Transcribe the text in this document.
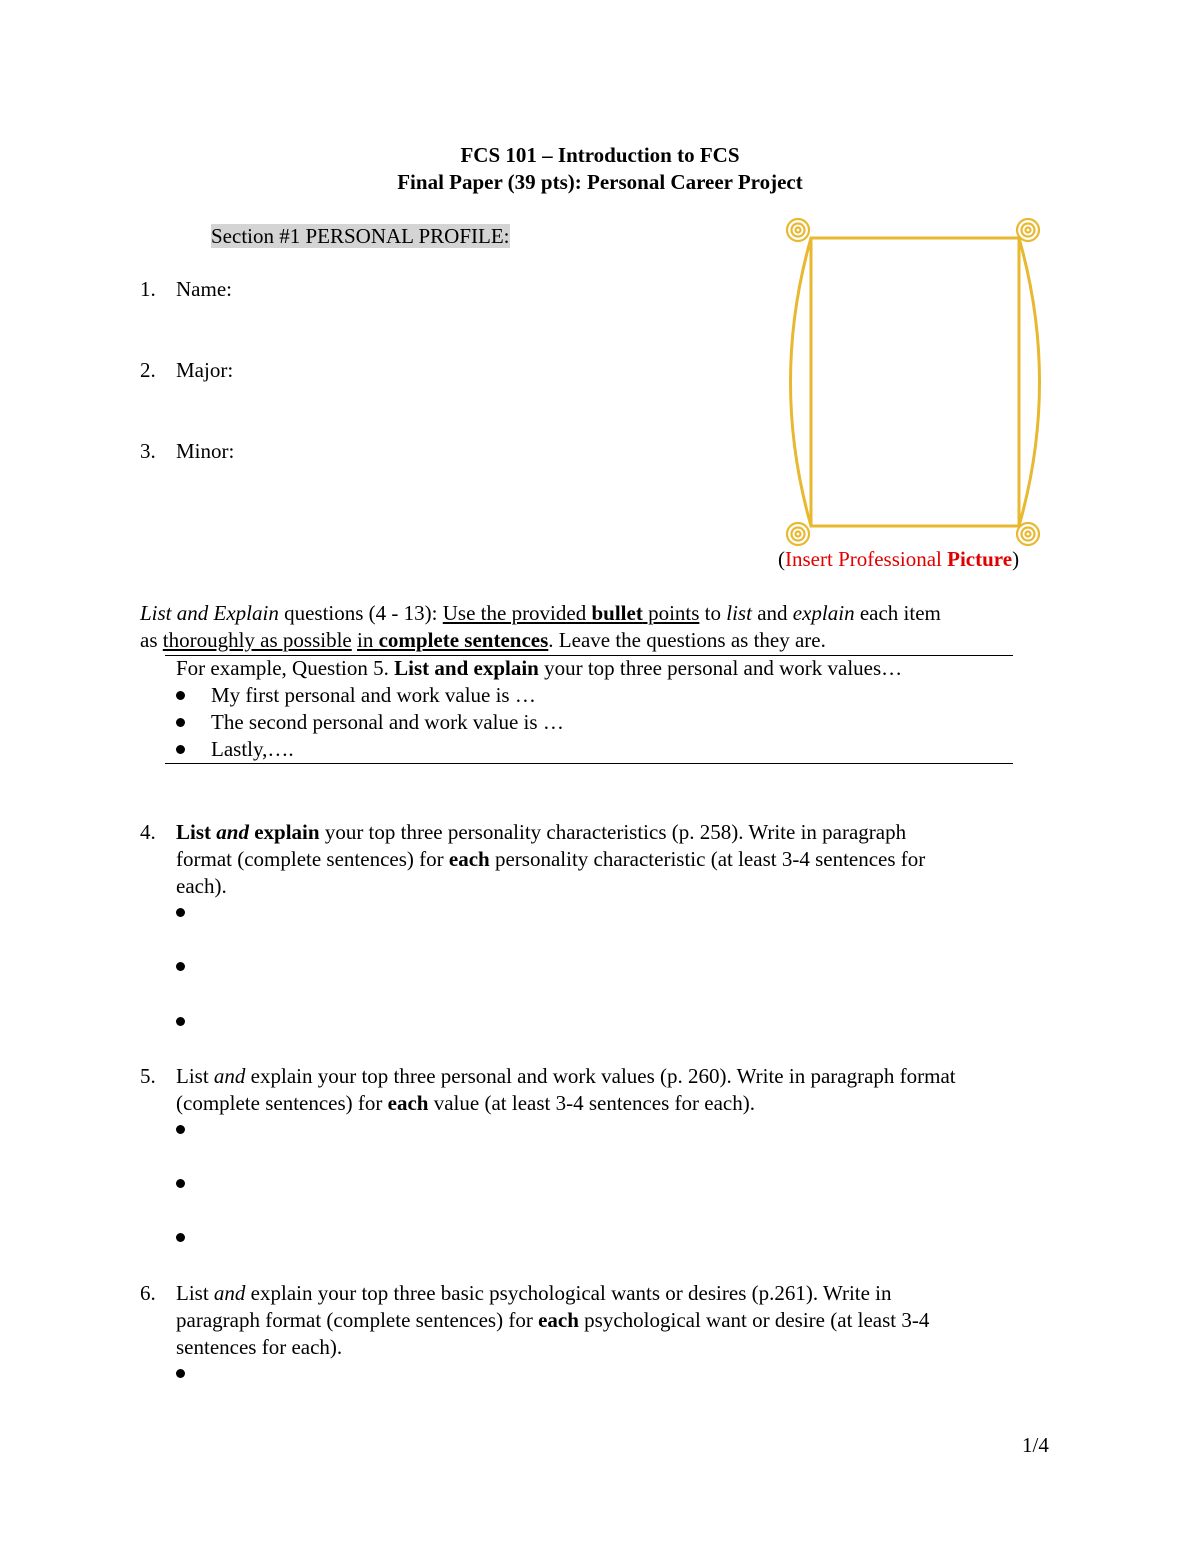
FCS 101 – Introduction to FCS
Final Paper (39 pts): Personal Career Project
Section #1 PERSONAL PROFILE:
1. Name:
2. Major:
3. Minor:
(Insert Professional Picture)
List and Explain questions (4 - 13): Use the provided bullet points to list and explain each item
as thoroughly as possible in complete sentences. Leave the questions as they are.
For example, Question 5. List and explain your top three personal and work values…
My first personal and work value is …
The second personal and work value is …
Lastly,….
4. List and explain your top three personality characteristics (p. 258). Write in paragraph
format (complete sentences) for each personality characteristic (at least 3-4 sentences for
each).
5. List and explain your top three personal and work values (p. 260). Write in paragraph format
(complete sentences) for each value (at least 3-4 sentences for each).
6. List and explain your top three basic psychological wants or desires (p.261). Write in
paragraph format (complete sentences) for each psychological want or desire (at least 3-4
sentences for each).
1/4
